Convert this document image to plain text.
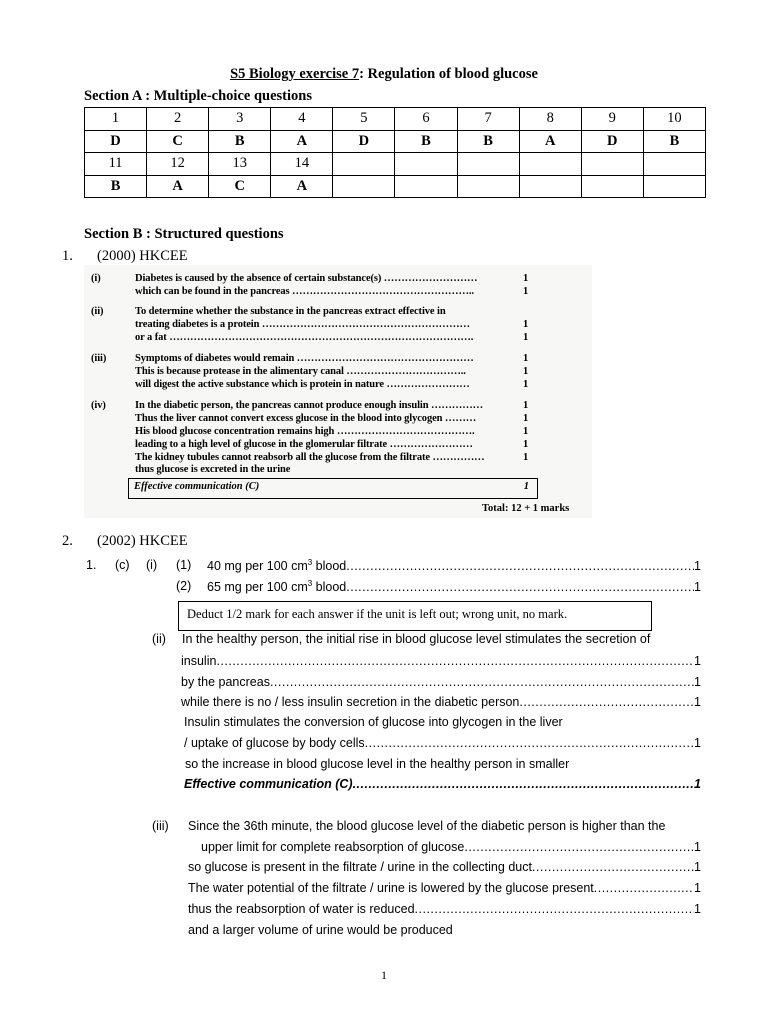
S5 Biology exercise 7: Regulation of blood glucose
Section A : Multiple-choice questions
1	2	3	4	5	6	7	8	9	10
D	C	B	A	D	B	B	A	D	B
11	12	13	14						
B	A	C	A						
Section B : Structured questions
1. (2000) HKCEE
(i)	Diabetes is caused by the absence of certain substance(s) ………………………	1
which can be found in the pancreas ……………………………………………..	1
(ii)	To determine whether the substance in the pancreas extract effective in
treating diabetes is a protein ……………………………………………………	1
or a fat …………………………………………………………………………….	1
(iii)	Symptoms of diabetes would remain ……………………………………………	1
This is because protease in the alimentary canal ……………………………..	1
will digest the active substance which is protein in nature ……………………	1
(iv)	In the diabetic person, the pancreas cannot produce enough insulin ……………	1
Thus the liver cannot convert excess glucose in the blood into glycogen ………	1
His blood glucose concentration remains high ………………………………….	1
leading to a high level of glucose in the glomerular filtrate ……………………	1
The kidney tubules cannot reabsorb all the glucose from the filtrate ……………	1
thus glucose is excreted in the urine
Effective communication (C)	1
Total: 12 + 1 marks
2. (2002) HKCEE
1. (c) (i) (1) 40 mg per 100 $cm^3$ blood .....	1
(2) 65 mg per 100 $cm^3$ blood .....	1
Deduct 1/2 mark for each answer if the unit is left out; wrong unit, no mark.
(ii) In the healthy person, the initial rise in blood glucose level stimulates the secretion of
insulin .....	1
by the pancreas .....	1
while there is no / less insulin secretion in the diabetic person .....	1
Insulin stimulates the conversion of glucose into glycogen in the liver
/ uptake of glucose by body cells .....	1
so the increase in blood glucose level in the healthy person in smaller
Effective communication (C) .....	1
(iii) Since the 36th minute, the blood glucose level of the diabetic person is higher than the
upper limit for complete reabsorption of glucose .....	1
so glucose is present in the filtrate / urine in the collecting duct .....	1
The water potential of the filtrate / urine is lowered by the glucose present .....	1
thus the reabsorption of water is reduced .....	1
and a larger volume of urine would be produced
1
